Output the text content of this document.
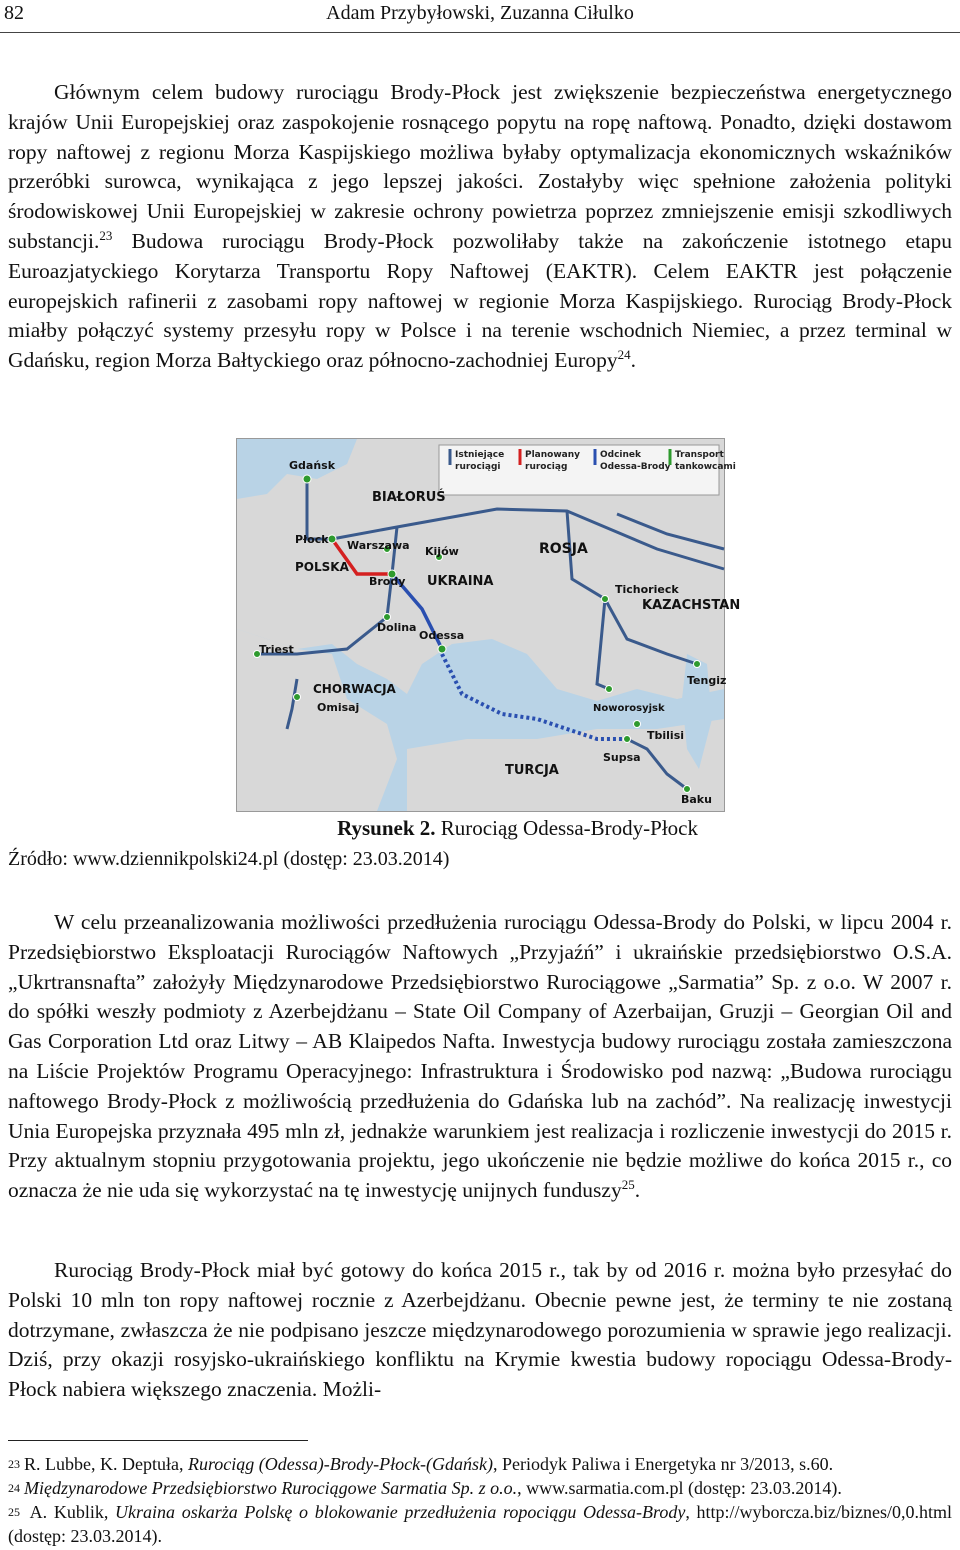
82	Adam Przybyłowski, Zuzanna Ciłulko

Głównym celem budowy rurociągu Brody-Płock jest zwiększenie bezpieczeństwa energetycznego krajów Unii Europejskiej oraz zaspokojenie rosnącego popytu na ropę naftową. Ponadto, dzięki dostawom ropy naftowej z regionu Morza Kaspijskiego możliwa byłaby optymalizacja ekonomicznych wskaźników przeróbki surowca, wynikająca z jego lepszej jakości. Zostałyby więc spełnione założenia polityki środowiskowej Unii Europejskiej w zakresie ochrony powietrza poprzez zmniejszenie emisji szkodliwych substancji.$^{23}$ Budowa rurociągu Brody-Płock pozwoliłaby także na zakończenie istotnego etapu Euroazjatyckiego Korytarza Transportu Ropy Naftowej (EAKTR). Celem EAKTR jest połączenie europejskich rafinerii z zasobami ropy naftowej w regionie Morza Kaspijskiego. Rurociąg Brody-Płock miałby połączyć systemy przesyłu ropy w Polsce i na terenie wschodnich Niemiec, a przez terminal w Gdańsku, region Morza Bałtyckiego oraz północno-zachodniej Europy$^{24}$.

Istniejące
rurociągi
Planowany
rurociąg
Odcinek
Odessa-Brody
Transport
tankowcami
Gdańsk
BIAŁORUŚ
Płock Warszawa
POLSKA
Brody
Kijów
UKRAINA
ROSJA
KAZACHSTAN
Dolina
Triest
Odessa
Tichorieck
CHORWACJA
Omisaj
Tengiz
Noworosyjsk
Tbilisi
Supsa
TURCJA
Baku
Rysunek 2. Rurociąg Odessa-Brody-Płock
Źródło: www.dziennikpolski24.pl (dostęp: 23.03.2014)

W celu przeanalizowania możliwości przedłużenia rurociągu Odessa-Brody do Polski, w lipcu 2004 r. Przedsiębiorstwo Eksploatacji Rurociągów Naftowych „Przyjaźń” i ukraińskie przedsiębiorstwo O.S.A. „Ukrtransnafta” założyły Międzynarodowe Przedsiębiorstwo Rurociągowe „Sarmatia” Sp. z o.o. W 2007 r. do spółki weszły podmioty z Azerbejdżanu – State Oil Company of Azerbaijan, Gruzji – Georgian Oil and Gas Corporation Ltd oraz Litwy – AB Klaipedos Nafta. Inwestycja budowy rurociągu została zamieszczona na Liście Projektów Programu Operacyjnego: Infrastruktura i Środowisko pod nazwą: „Budowa rurociągu naftowego Brody-Płock z możliwością przedłużenia do Gdańska lub na zachód”. Na realizację inwestycji Unia Europejska przyznała 495 mln zł, jednakże warunkiem jest realizacja i rozliczenie inwestycji do 2015 r. Przy aktualnym stopniu przygotowania projektu, jego ukończenie nie będzie możliwe do końca 2015 r., co oznacza że nie uda się wykorzystać na tę inwestycję unijnych funduszy$^{25}$.

Rurociąg Brody-Płock miał być gotowy do końca 2015 r., tak by od 2016 r. można było przesyłać do Polski 10 mln ton ropy naftowej rocznie z Azerbejdżanu. Obecnie pewne jest, że terminy te nie zostaną dotrzymane, zwłaszcza że nie podpisano jeszcze międzynarodowego porozumienia w sprawie jego realizacji. Dziś, przy okazji rosyjsko-ukraińskiego konfliktu na Krymie kwestia budowy ropociągu Odessa-Brody-Płock nabiera większego znaczenia. Możli-

23 R. Lubbe, K. Deptuła, Rurociąg (Odessa)-Brody-Płock-(Gdańsk), Periodyk Paliwa i Energetyka nr 3/2013, s.60.

24 Międzynarodowe Przedsiębiorstwo Rurociągowe Sarmatia Sp. z o.o., www.sarmatia.com.pl (dostęp: 23.03.2014).

25 A. Kublik, Ukraina oskarża Polskę o blokowanie przedłużenia ropociągu Odessa-Brody, http://wyborcza.biz/biznes/0,0.html (dostęp: 23.03.2014).
